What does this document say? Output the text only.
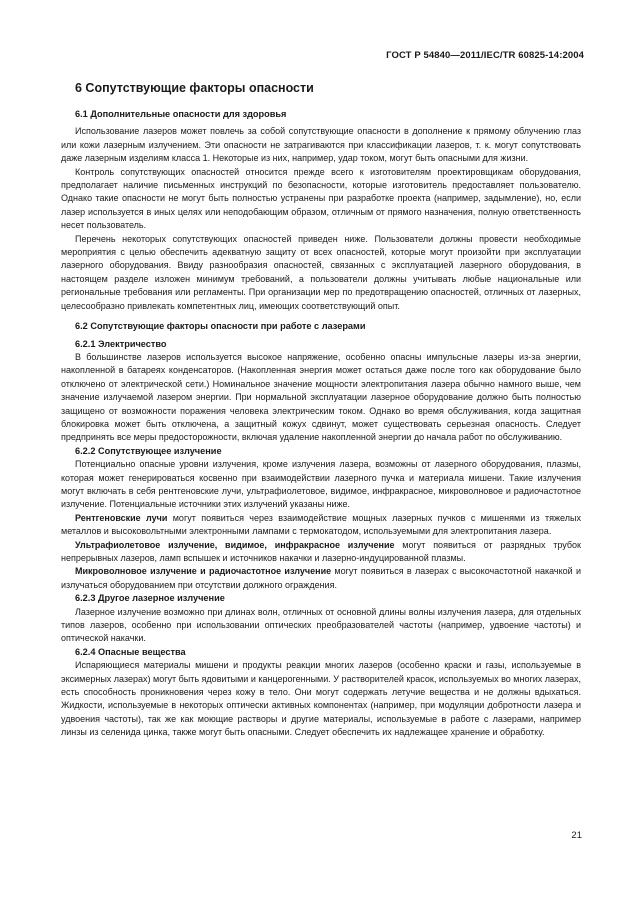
ГОСТ Р 54840—2011/IEC/TR 60825-14:2004
6 Сопутствующие факторы опасности
6.1 Дополнительные опасности для здоровья

Использование лазеров может повлечь за собой сопутствующие опасности в дополнение к прямому облучению глаз или кожи лазерным излучением. Эти опасности не затрагиваются при классификации лазеров, т. к. могут сопутствовать даже лазерным изделиям класса 1. Некоторые из них, например, удар током, могут быть опасными для жизни.

Контроль сопутствующих опасностей относится прежде всего к изготовителям проектировщикам оборудования, предполагает наличие письменных инструкций по безопасности, которые изготовитель предоставляет пользователю. Однако такие опасности не могут быть полностью устранены при разработке проекта (например, задымление), но, если лазер используется в иных целях или неподобающим образом, отличным от прямого назначения, полную ответственность несет пользователь.

Перечень некоторых сопутствующих опасностей приведен ниже. Пользователи должны провести необходимые мероприятия с целью обеспечить адекватную защиту от всех опасностей, которые могут произойти при эксплуатации лазерного оборудования. Ввиду разнообразия опасностей, связанных с эксплуатацией лазерного оборудования, в настоящем разделе изложен минимум требований, а пользователи должны учитывать любые национальные или региональные требования или регламенты. При организации мер по предотвращению опасностей, отличных от лазерных, целесообразно привлекать компетентных лиц, имеющих соответствующий опыт.

6.2 Сопутствующие факторы опасности при работе с лазерами
6.2.1 Электричество

В большинстве лазеров используется высокое напряжение, особенно опасны импульсные лазеры из-за энергии, накопленной в батареях конденсаторов. (Накопленная энергия может остаться даже после того как оборудование было отключено от электрической сети.) Номинальное значение мощности электропитания лазера обычно намного выше, чем значение излучаемой лазером энергии. При нормальной эксплуатации лазерное оборудование должно быть полностью защищено от возможности поражения человека электрическим током. Однако во время обслуживания, когда защитная блокировка может быть отключена, а защитный кожух сдвинут, может существовать серьезная опасность. Следует предпринять все меры предосторожности, включая удаление накопленной энергии до начала работ по обслуживанию.

6.2.2 Сопутствующее излучение

Потенциально опасные уровни излучения, кроме излучения лазера, возможны от лазерного оборудования, плазмы, которая может генерироваться косвенно при взаимодействии лазерного пучка и материала мишени. Такие излучения могут включать в себя рентгеновские лучи, ультрафиолетовое, видимое, инфракрасное, микроволновое и радиочастотное излучение. Потенциальные источники этих излучений указаны ниже.

Рентгеновские лучи могут появиться через взаимодействие мощных лазерных пучков с мишенями из тяжелых металлов и высоковольтными электронными лампами с термокатодом, используемыми для электропитания лазера.

Ультрафиолетовое излучение, видимое, инфракрасное излучение могут появиться от разрядных трубок непрерывных лазеров, ламп вспышек и источников накачки и лазерно-индуцированной плазмы.

Микроволновое излучение и радиочастотное излучение могут появиться в лазерах с высокочастотной накачкой и излучаться оборудованием при отсутствии должного ограждения.

6.2.3 Другое лазерное излучение

Лазерное излучение возможно при длинах волн, отличных от основной длины волны излучения лазера, для отдельных типов лазеров, особенно при использовании оптических преобразователей частоты (например, удвоение частоты) и оптической накачки.

6.2.4 Опасные вещества

Испаряющиеся материалы мишени и продукты реакции многих лазеров (особенно краски и газы, используемые в эксимерных лазерах) могут быть ядовитыми и канцерогенными. У растворителей красок, используемых во многих лазерах, есть способность проникновения через кожу в тело. Они могут содержать летучие вещества и не должны вдыхаться. Жидкости, используемые в некоторых оптически активных компонентах (например, при модуляции добротности лазера и удвоения частоты), так же как моющие растворы и другие материалы, используемые в работе с лазерами, например линзы из селенида цинка, также могут быть опасными. Следует обеспечить их надлежащее хранение и обработку.

21
